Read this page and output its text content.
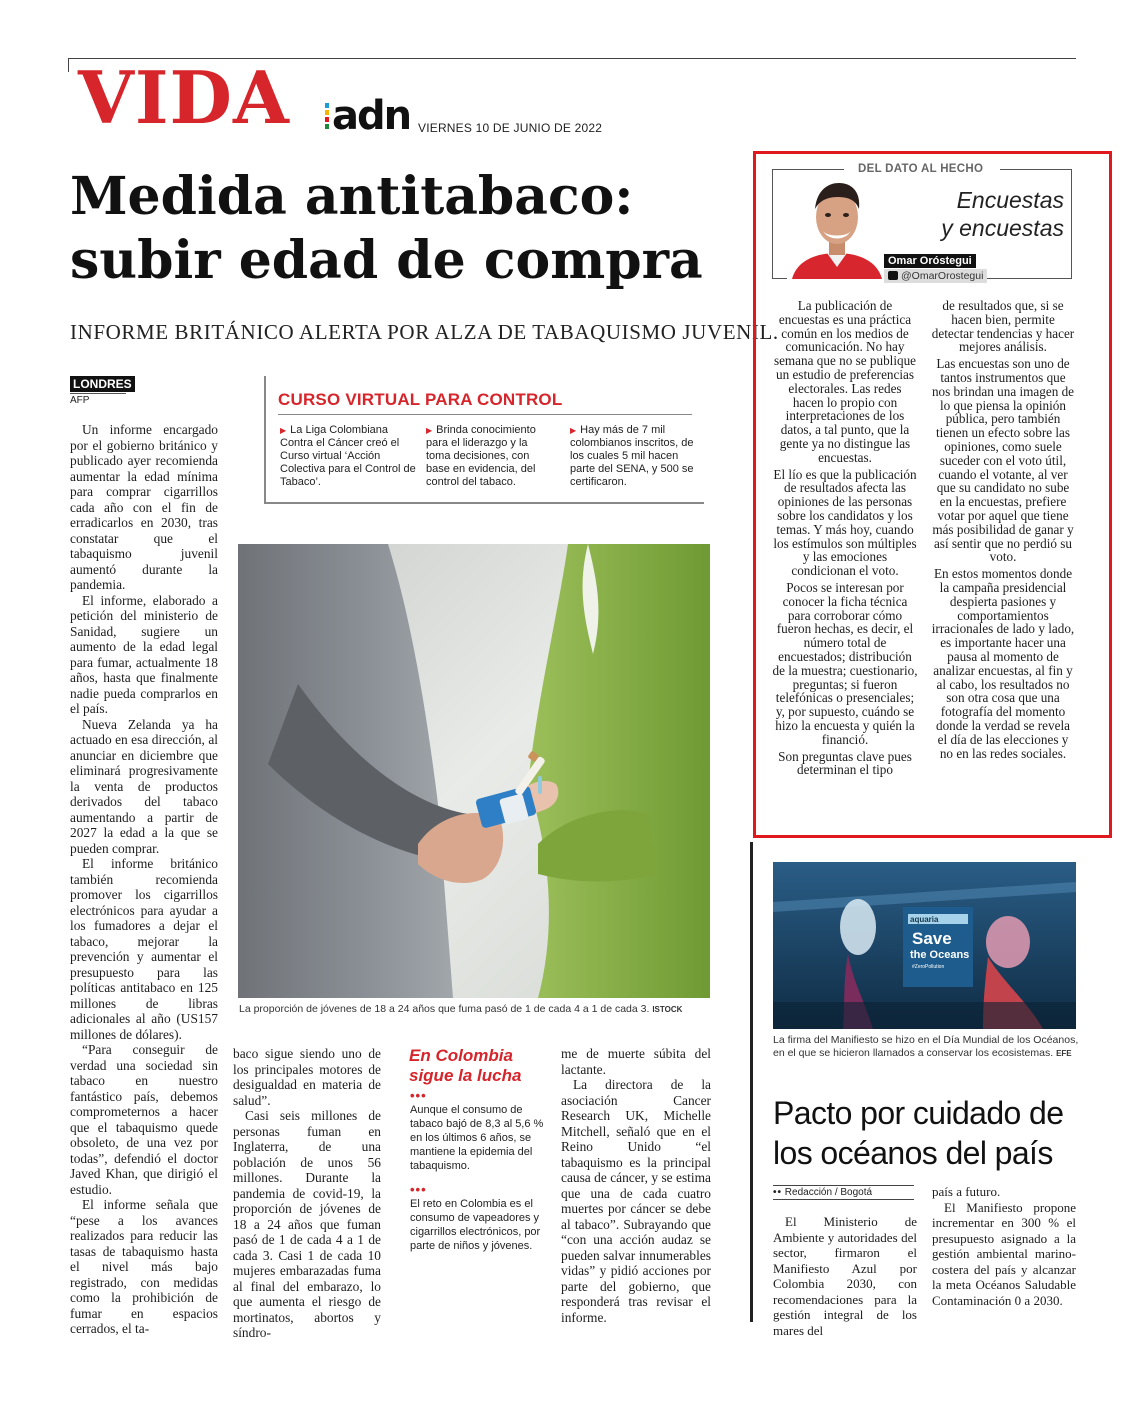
VIDA adn VIERNES 10 DE JUNIO DE 2022
Medida antitabaco:
subir edad de compra
INFORME BRITÁNICO ALERTA POR ALZA DE TABAQUISMO JUVENIL.
LONDRES
AFP

Un informe encargado por el gobierno británico y publicado ayer recomienda aumentar la edad mínima para comprar cigarrillos cada año con el fin de erradicarlos en 2030, tras constatar que el tabaquismo juvenil aumentó durante la pandemia.

El informe, elaborado a petición del ministerio de Sanidad, sugiere un aumento de la edad legal para fumar, actualmente 18 años, hasta que finalmente nadie pueda comprarlos en el país.

Nueva Zelanda ya ha actuado en esa dirección, al anunciar en diciembre que eliminará progresivamente la venta de productos derivados del tabaco aumentando a partir de 2027 la edad a la que se pueden comprar.

El informe británico también recomienda promover los cigarrillos electrónicos para ayudar a los fumadores a dejar el tabaco, mejorar la prevención y aumentar el presupuesto para las políticas antitabaco en 125 millones de libras adicionales al año (US157 millones de dólares).

“Para conseguir de verdad una sociedad sin tabaco en nuestro fantástico país, debemos comprometernos a hacer que el tabaquismo quede obsoleto, de una vez por todas”, defendió el doctor Javed Khan, que dirigió el estudio.

El informe señala que “pese a los avances realizados para reducir las tasas de tabaquismo hasta el nivel más bajo registrado, con medidas como la prohibición de fumar en espacios cerrados, el ta-

CURSO VIRTUAL PARA CONTROL
▶ La Liga Colombiana Contra el Cáncer creó el Curso virtual ‘Acción Colectiva para el Control de Tabaco’.
▶ Brinda conocimiento para el liderazgo y la toma decisiones, con base en evidencia, del control del tabaco.
▶ Hay más de 7 mil colombianos inscritos, de los cuales 5 mil hacen parte del SENA, y 500 se certificaron.
La proporción de jóvenes de 18 a 24 años que fuma pasó de 1 de cada 4 a 1 de cada 3. ISTOCK

baco sigue siendo uno de los principales motores de desigualdad en materia de salud”.

Casi seis millones de personas fuman en Inglaterra, de una población de unos 56 millones. Durante la pandemia de covid-19, la proporción de jóvenes de 18 a 24 años que fuman pasó de 1 de cada 4 a 1 de cada 3. Casi 1 de cada 10 mujeres embarazadas fuma al final del embarazo, lo que aumenta el riesgo de mortinatos, abortos y síndro-

En Colombia
sigue la lucha
•••
Aunque el consumo de tabaco bajó de 8,3 al 5,6 % en los últimos 6 años, se mantiene la epidemia del tabaquismo.
•••
El reto en Colombia es el consumo de vapeadores y cigarrillos electrónicos, por parte de niños y jóvenes.

me de muerte súbita del lactante.

La directora de la asociación Cancer Research UK, Michelle Mitchell, señaló que en el Reino Unido “el tabaquismo es la principal causa de cáncer, y se estima que una de cada cuatro muertes por cáncer se debe al tabaco”. Subrayando que “con una acción audaz se pueden salvar innumerables vidas” y pidió acciones por parte del gobierno, que responderá tras revisar el informe.

DEL DATO AL HECHO
Encuestas
y encuestas
Omar Oróstegui
@OmarOrostegui

La publicación de encuestas es una práctica común en los medios de comunicación. No hay semana que no se publique un estudio de preferencias electorales. Las redes hacen lo propio con interpretaciones de los datos, a tal punto, que la gente ya no distingue las encuestas.

El lío es que la publicación de resultados afecta las opiniones de las personas sobre los candidatos y los temas. Y más hoy, cuando los estímulos son múltiples y las emociones condicionan el voto.

Pocos se interesan por conocer la ficha técnica para corroborar cómo fueron hechas, es decir, el número total de encuestados; distribución de la muestra; cuestionario, preguntas; si fueron telefónicas o presenciales; y, por supuesto, cuándo se hizo la encuesta y quién la financió.

Son preguntas clave pues determinan el tipo

de resultados que, si se hacen bien, permite detectar tendencias y hacer mejores análisis.

Las encuestas son uno de tantos instrumentos que nos brindan una imagen de lo que piensa la opinión pública, pero también tienen un efecto sobre las opiniones, como suele suceder con el voto útil, cuando el votante, al ver que su candidato no sube en la encuestas, prefiere votar por aquel que tiene más posibilidad de ganar y así sentir que no perdió su voto.

En estos momentos donde la campaña presidencial despierta pasiones y comportamientos irracionales de lado y lado, es importante hacer una pausa al momento de analizar encuestas, al fin y al cabo, los resultados no son otra cosa que una fotografía del momento donde la verdad se revela el día de las elecciones y no en las redes sociales.

aquaria
Save
the Oceans
#ZeroPollution
La firma del Manifiesto se hizo en el Día Mundial de los Océanos, en el que se hicieron llamados a conservar los ecosistemas. EFE
Pacto por cuidado de
los océanos del país
•• Redacción / Bogotá

El Ministerio de Ambiente y autoridades del sector, firmaron el Manifiesto Azul por Colombia 2030, con recomendaciones para la gestión integral de los mares del

país a futuro.

El Manifiesto propone incrementar en 300 % el presupuesto asignado a la gestión ambiental marino-costera del país y alcanzar la meta Océanos Saludable Contaminación 0 a 2030.
